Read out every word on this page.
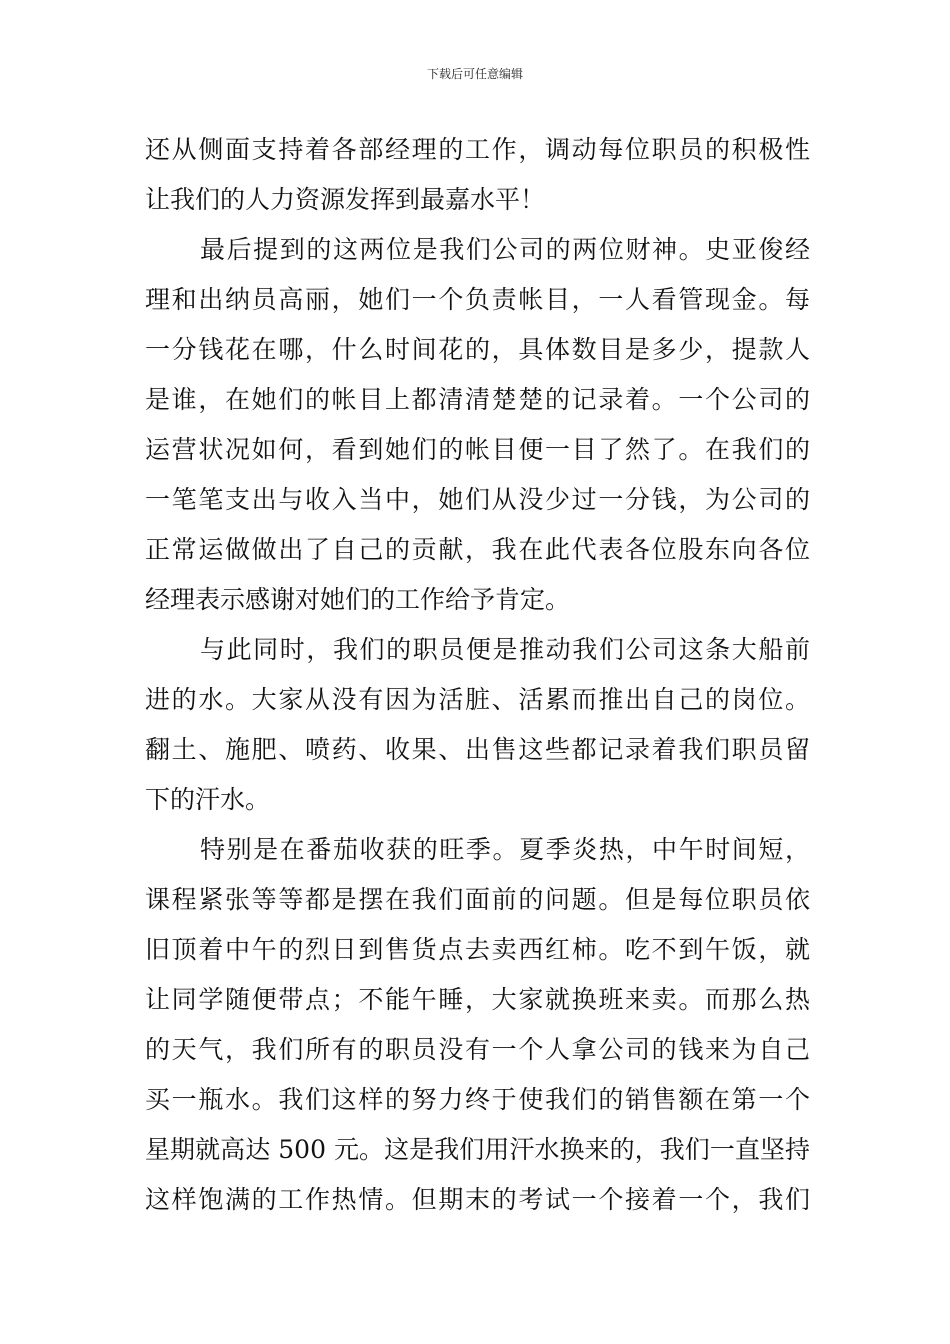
下载后可任意编辑
还从侧面支持着各部经理的工作，调动每位职员的积极性
让我们的人力资源发挥到最嘉水平！
最后提到的这两位是我们公司的两位财神。史亚俊经
理和出纳员高丽，她们一个负责帐目，一人看管现金。每
一分钱花在哪，什么时间花的，具体数目是多少，提款人
是谁，在她们的帐目上都清清楚楚的记录着。一个公司的
运营状况如何，看到她们的帐目便一目了然了。在我们的
一笔笔支出与收入当中，她们从没少过一分钱，为公司的
正常运做做出了自己的贡献，我在此代表各位股东向各位
经理表示感谢对她们的工作给予肯定。
与此同时，我们的职员便是推动我们公司这条大船前
进的水。大家从没有因为活脏、活累而推出自己的岗位。
翻土、施肥、喷药、收果、出售这些都记录着我们职员留
下的汗水。
特别是在番茄收获的旺季。夏季炎热，中午时间短，
课程紧张等等都是摆在我们面前的问题。但是每位职员依
旧顶着中午的烈日到售货点去卖西红柿。吃不到午饭，就
让同学随便带点；不能午睡，大家就换班来卖。而那么热
的天气，我们所有的职员没有一个人拿公司的钱来为自己
买一瓶水。我们这样的努力终于使我们的销售额在第一个
星期就高达 500 元。这是我们用汗水换来的，我们一直坚持
这样饱满的工作热情。但期末的考试一个接着一个，我们
